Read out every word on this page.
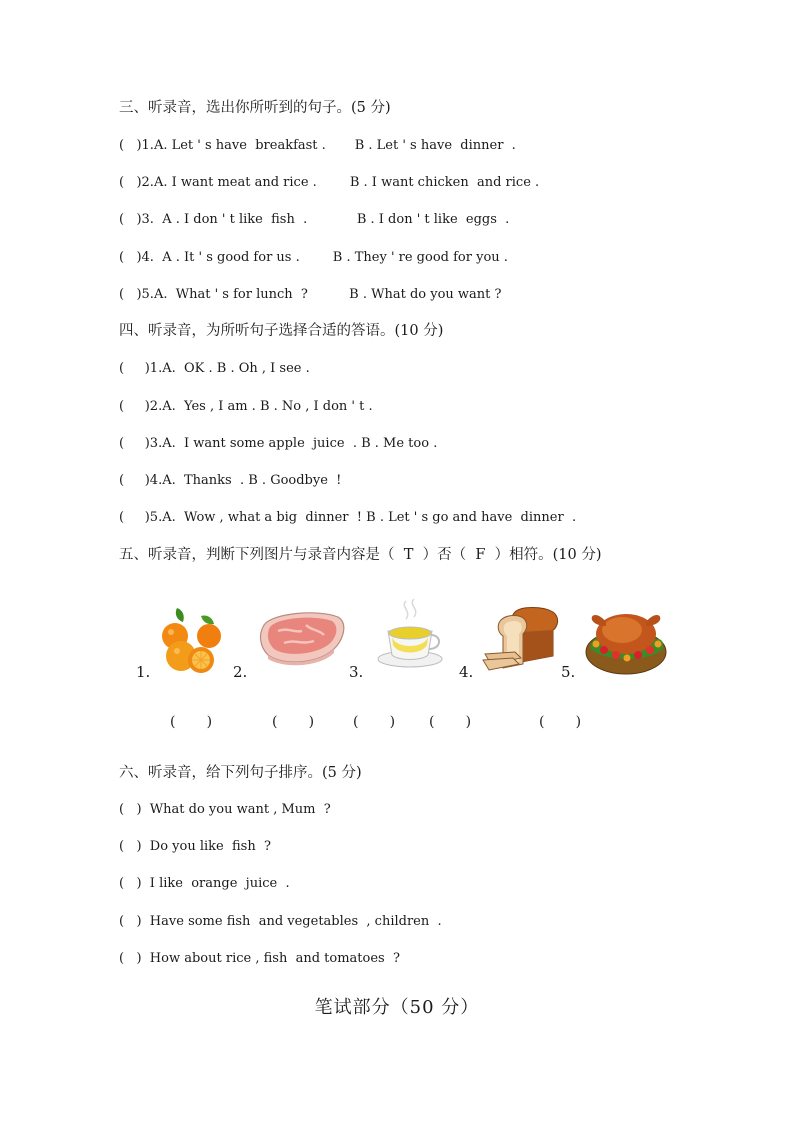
三、听录音，选出你所听到的句子。(5 分)
(   )1.A. Let ' s have  breakfast .       B . Let ' s have  dinner  .
(   )2.A. I want meat and rice .        B . I want chicken  and rice .
(   )3.  A . I don ' t like  fish  .            B . I don ' t like  eggs  .
(   )4.  A . It ' s good for us .        B . They ' re good for you .
(   )5.A.  What ' s for lunch  ?          B . What do you want ?
四、听录音，为所听句子选择合适的答语。(10 分)
(     )1.A.  OK . B . Oh , I see .
(     )2.A.  Yes , I am . B . No , I don ' t .
(     )3.A.  I want some apple  juice  . B . Me too .
(     )4.A.  Thanks  . B . Goodbye  !
(     )5.A.  Wow , what a big  dinner  ! B . Let ' s go and have  dinner  .
五、听录音，判断下列图片与录音内容是（  T  ）否（  F  ）相符。(10 分)
1.	2.	3.	4.	5.
(       )	(       )	(       ) (       )	(       )
六、听录音，给下列句子排序。(5 分)
(   )  What do you want , Mum  ?
(   )  Do you like  fish  ?
(   )  I like  orange  juice  .
(   )  Have some fish  and vegetables  , children  .
(   )  How about rice , fish  and tomatoes  ?
笔试部分（50 分）
